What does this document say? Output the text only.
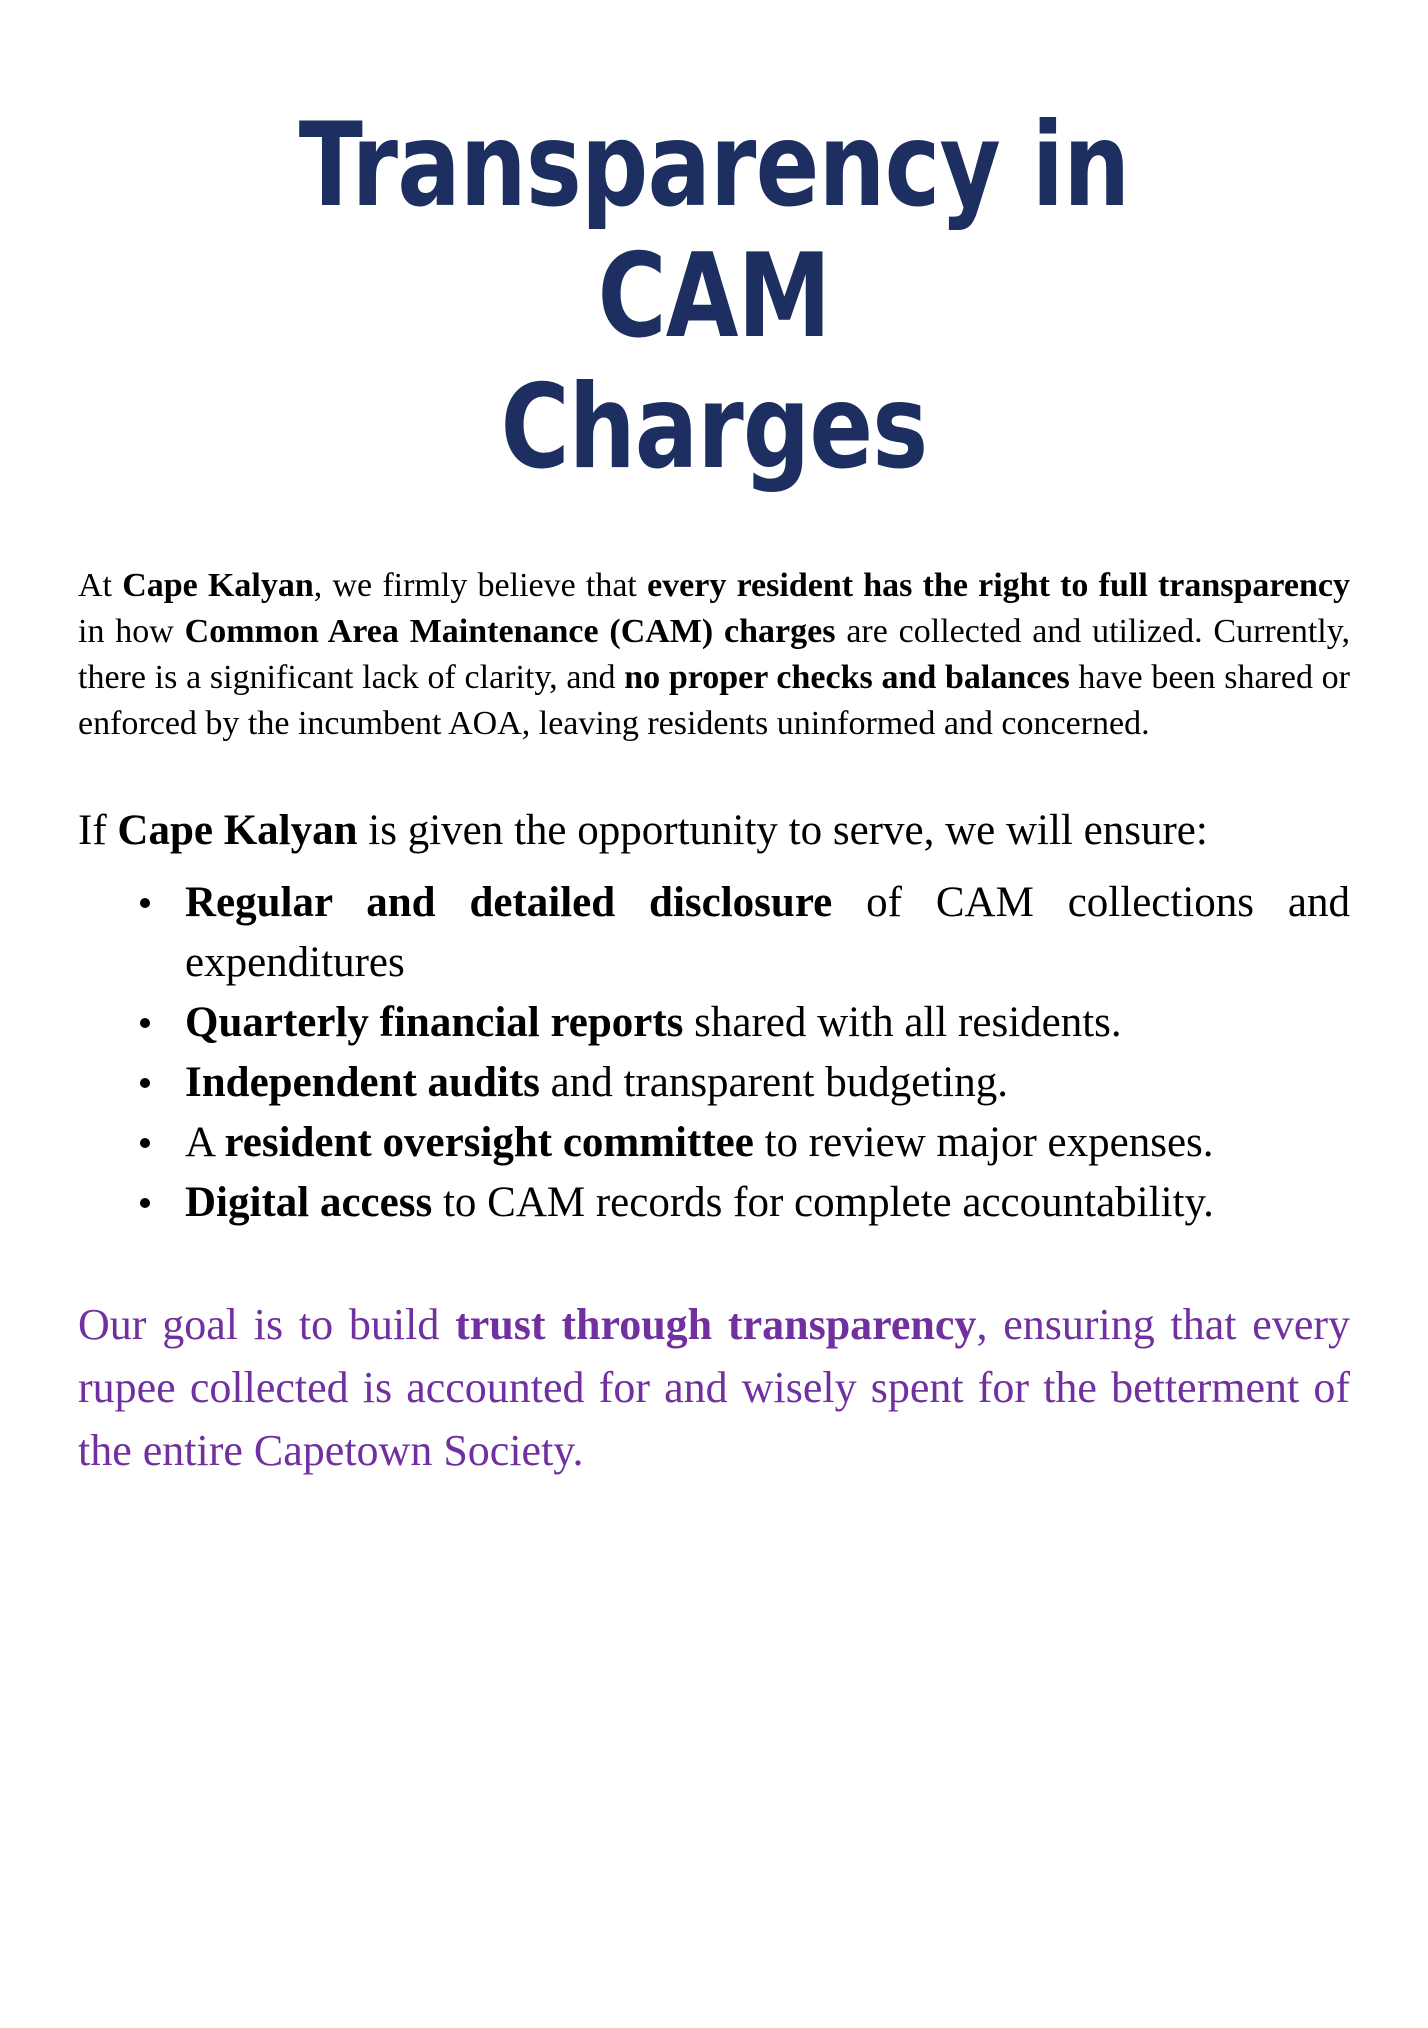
Transparency in CAM
Charges

At Cape Kalyan, we firmly believe that every resident has the right to full transparency in how Common Area Maintenance (CAM) charges are collected and utilized. Currently, there is a significant lack of clarity, and no proper checks and balances have been shared or enforced by the incumbent AOA, leaving residents uninformed and concerned.

If Cape Kalyan is given the opportunity to serve, we will ensure:

Regular and detailed disclosure of CAM collections and expenditures
Quarterly financial reports shared with all residents.
Independent audits and transparent budgeting.
A resident oversight committee to review major expenses.
Digital access to CAM records for complete accountability.

Our goal is to build trust through transparency, ensuring that every rupee collected is accounted for and wisely spent for the betterment of the entire Capetown Society.
